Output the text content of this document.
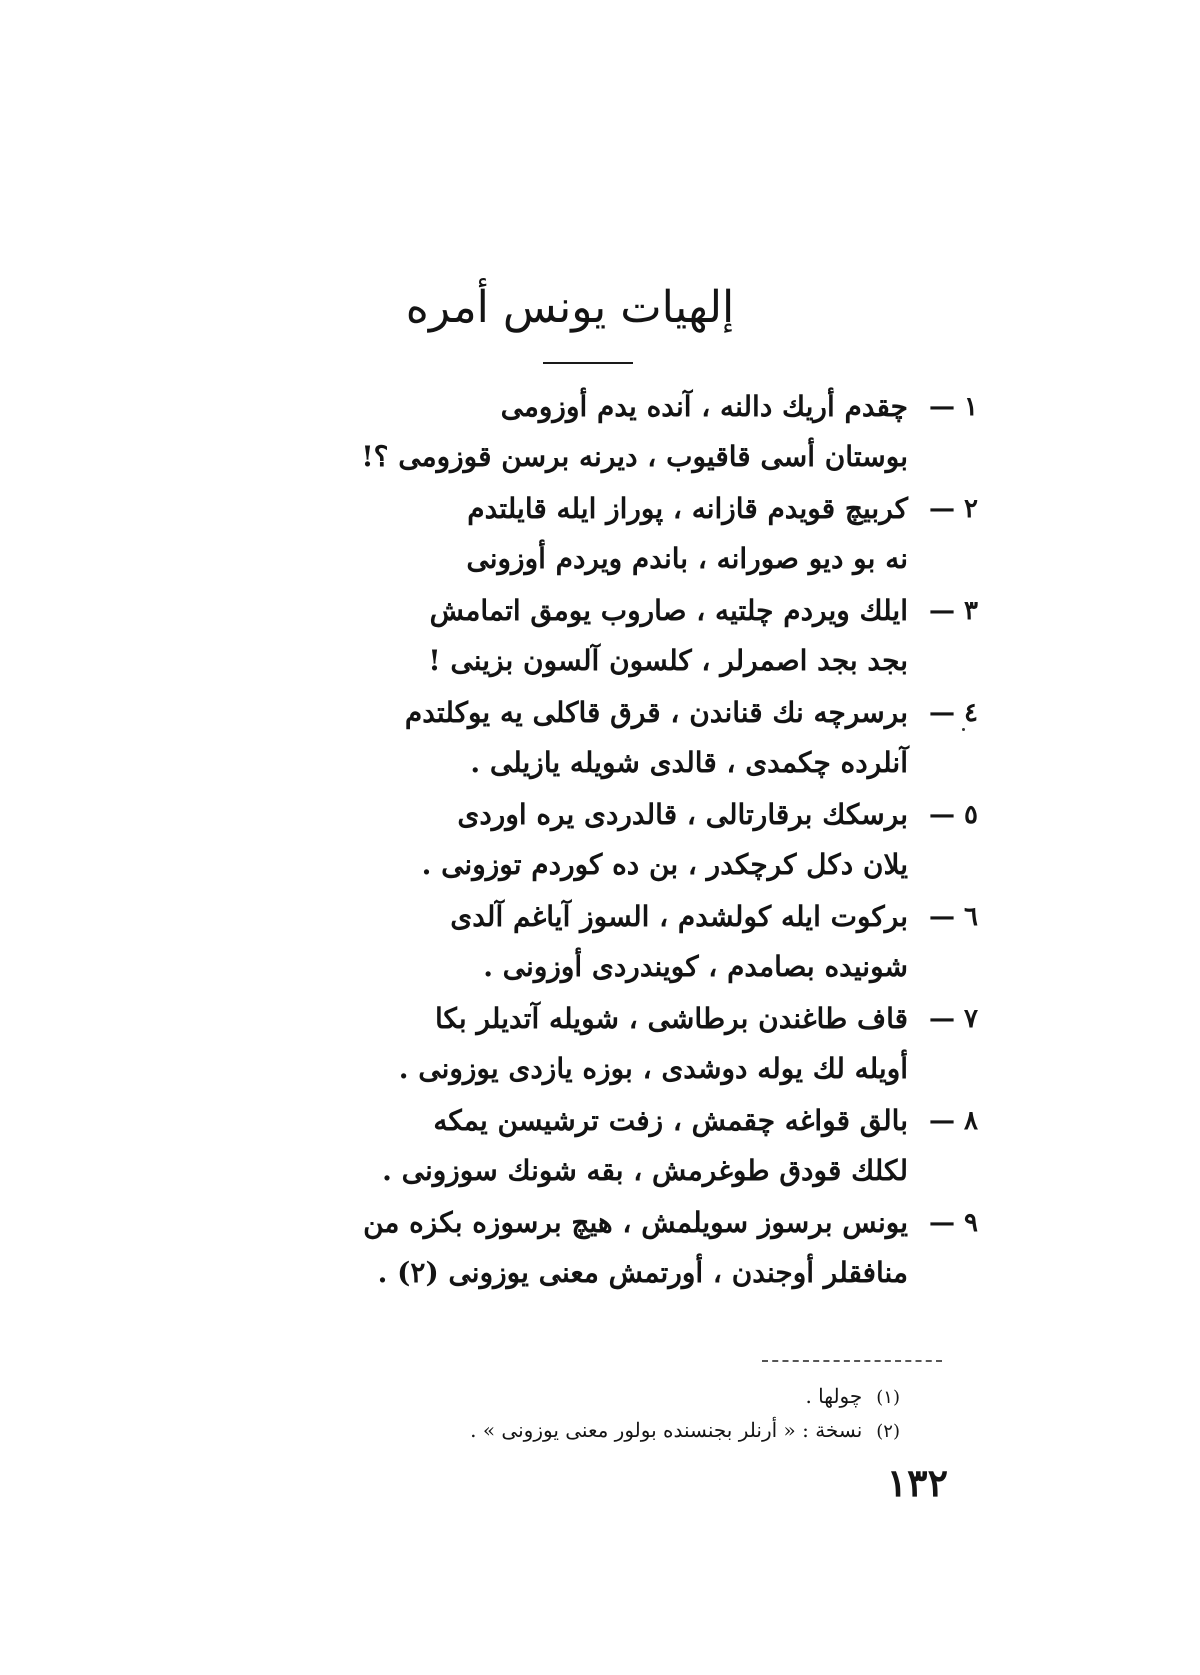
إلهيات يونس أمره
١ —
چقدم أريك دالنه ، آنده يدم أوزومى
بوستان أسى قاقيوب ، ديرنه برسن قوزومى ؟!
٢ —
كربيچ قويدم قازانه ، پوراز ايله قايلتدم
نه بو ديو صورانه ، باندم ويردم أوزونى
٣ —
ايلك ويردم چلتيه ، صاروب يومق اتمامش
بجد بجد اصمرلر ، كلسون آلسون بزينى !
٤ —
برسرچه نك قناندن ، قرق قاكلى يه يوكلتدم
آنلرده چكمدى ، قالدى شويله يازيلى .
٥ —
برسكك برقارتالى ، قالدردى يره اوردى
يلان دكل كرچكدر ، بن ده كوردم توزونى .
٦ —
بركوت ايله كولشدم ، السوز آياغم آلدى
شونيده بصامدم ، كويندردى أوزونى .
٧ —
قاف طاغندن برطاشى ، شويله آتديلر بكا
أويله لك يوله دوشدى ، بوزه يازدى يوزونى .
٨ —
بالق قواغه چقمش ، زفت ترشيسن يمكه
لكلك قودق طوغرمش ، بقه شونك سوزونى .
٩ —
يونس برسوز سويلمش ، هيچ برسوزه بكزه من
منافقلر أوجندن ، أورتمش معنى يوزونى (٢) .
(١)چولها .
(٢)نسخة : « أرنلر بجنسنده بولور معنى يوزونى » .
١٣٢
